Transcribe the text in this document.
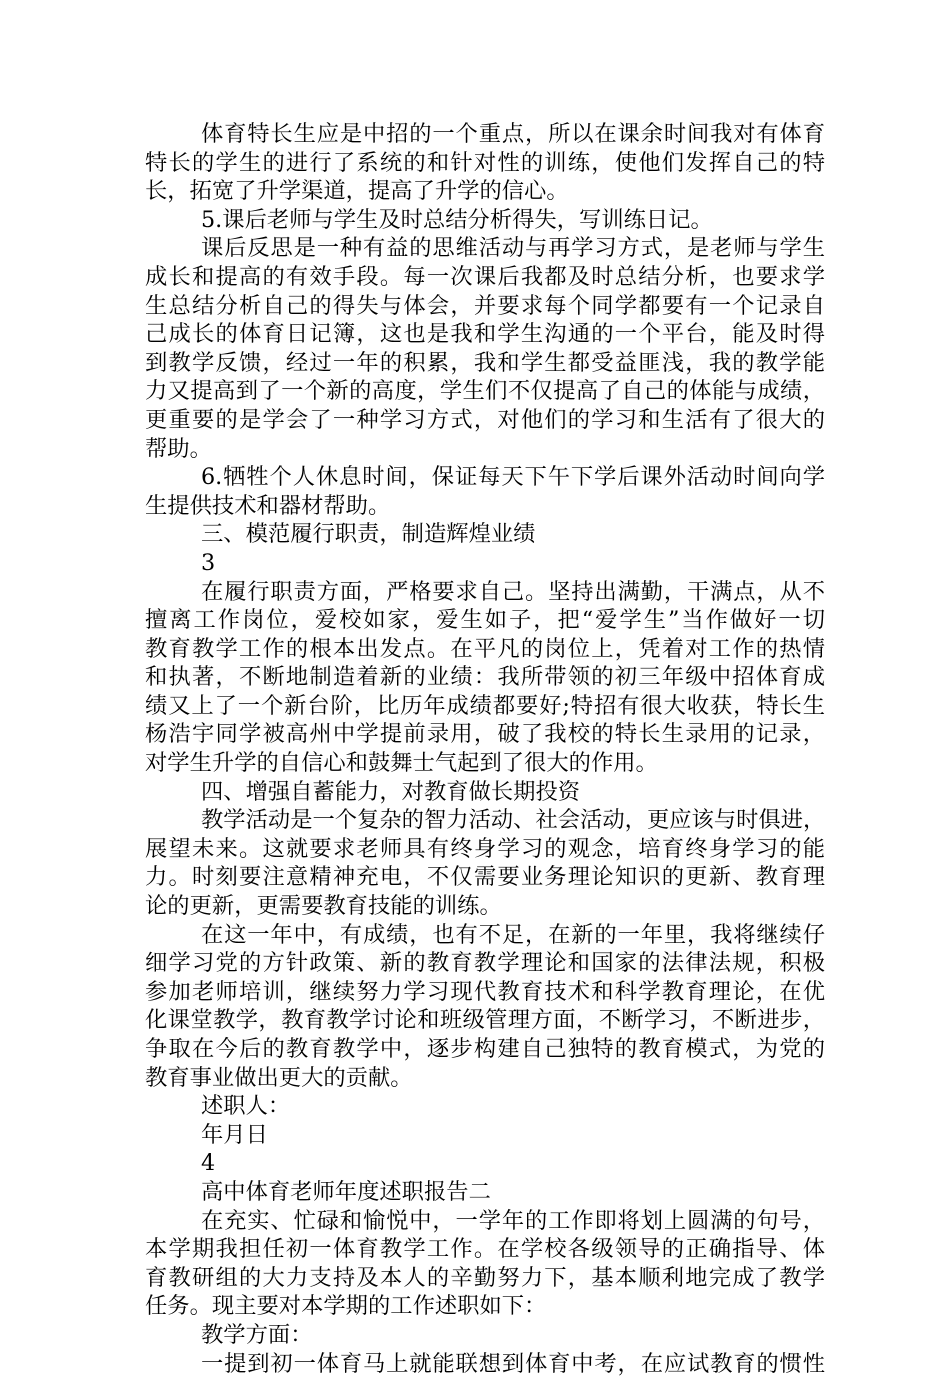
体育特长生应是中招的一个重点，所以在课余时间我对有体育
特长的学生的进行了系统的和针对性的训练，使他们发挥自己的特
长，拓宽了升学渠道，提高了升学的信心。
5.课后老师与学生及时总结分析得失，写训练日记。
课后反思是一种有益的思维活动与再学习方式，是老师与学生
成长和提高的有效手段。每一次课后我都及时总结分析，也要求学
生总结分析自己的得失与体会，并要求每个同学都要有一个记录自
己成长的体育日记簿，这也是我和学生沟通的一个平台，能及时得
到教学反馈，经过一年的积累，我和学生都受益匪浅，我的教学能
力又提高到了一个新的高度，学生们不仅提高了自己的体能与成绩，
更重要的是学会了一种学习方式，对他们的学习和生活有了很大的
帮助。
6.牺牲个人休息时间，保证每天下午下学后课外活动时间向学
生提供技术和器材帮助。
三、模范履行职责，制造辉煌业绩
3
在履行职责方面，严格要求自己。坚持出满勤，干满点，从不
擅离工作岗位，爱校如家，爱生如子，把“爱学生”当作做好一切
教育教学工作的根本出发点。在平凡的岗位上，凭着对工作的热情
和执著，不断地制造着新的业绩：我所带领的初三年级中招体育成
绩又上了一个新台阶，比历年成绩都要好;特招有很大收获，特长生
杨浩宇同学被高州中学提前录用，破了我校的特长生录用的记录，
对学生升学的自信心和鼓舞士气起到了很大的作用。
四、增强自蓄能力，对教育做长期投资
教学活动是一个复杂的智力活动、社会活动，更应该与时俱进，
展望未来。这就要求老师具有终身学习的观念，培育终身学习的能
力。时刻要注意精神充电，不仅需要业务理论知识的更新、教育理
论的更新，更需要教育技能的训练。
在这一年中，有成绩，也有不足，在新的一年里，我将继续仔
细学习党的方针政策、新的教育教学理论和国家的法律法规，积极
参加老师培训，继续努力学习现代教育技术和科学教育理论，在优
化课堂教学，教育教学讨论和班级管理方面，不断学习，不断进步，
争取在今后的教育教学中，逐步构建自己独特的教育模式，为党的
教育事业做出更大的贡献。
述职人：
年月日
4
高中体育老师年度述职报告二
在充实、忙碌和愉悦中，一学年的工作即将划上圆满的句号，
本学期我担任初一体育教学工作。在学校各级领导的正确指导、体
育教研组的大力支持及本人的辛勤努力下，基本顺利地完成了教学
任务。现主要对本学期的工作述职如下：
教学方面：
一提到初一体育马上就能联想到体育中考，在应试教育的惯性
